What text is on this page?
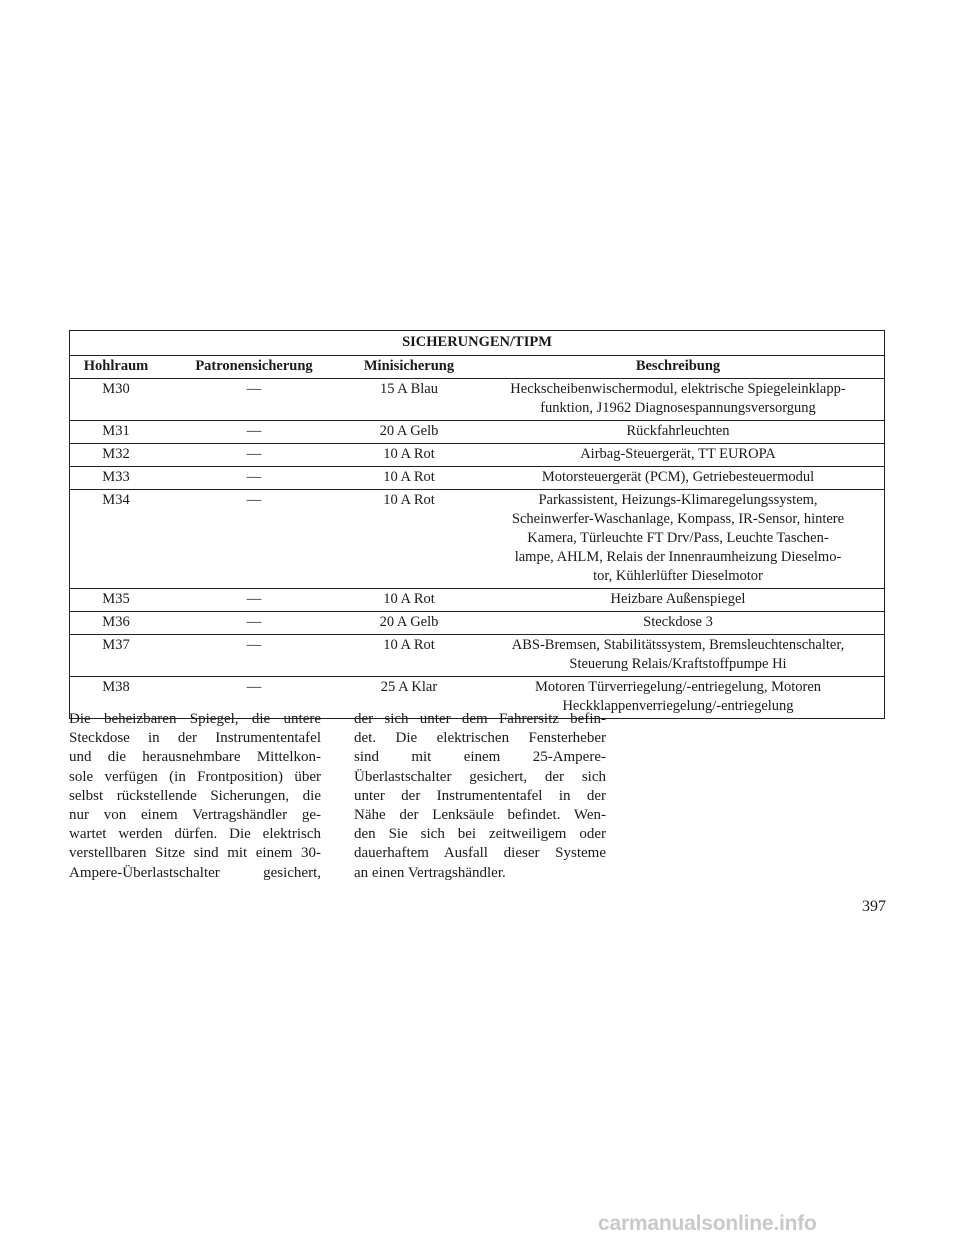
SICHERUNGEN/TIPM			
Hohlraum	Patronensicherung	Minisicherung	Beschreibung
M30	—	15 A Blau	Heckscheibenwischermodul, elektrische Spiegeleinklapp-
funktion, J1962 Diagnosespannungsversorgung

M31	—	20 A Gelb	Rückfahrleuchten

M32	—	10 A Rot	Airbag-Steuergerät, TT EUROPA

M33	—	10 A Rot	Motorsteuergerät (PCM), Getriebesteuermodul

M34	—	10 A Rot	Parkassistent, Heizungs-Klimaregelungssystem,
Scheinwerfer-Waschanlage, Kompass, IR-Sensor, hintere
Kamera, Türleuchte FT Drv/Pass, Leuchte Taschen-
lampe, AHLM, Relais der Innenraumheizung Dieselmo-
tor, Kühlerlüfter Dieselmotor

M35	—	10 A Rot	Heizbare Außenspiegel

M36	—	20 A Gelb	Steckdose 3

M37	—	10 A Rot	ABS-Bremsen, Stabilitätssystem, Bremsleuchtenschalter,
Steuerung Relais/Kraftstoffpumpe Hi

M38	—	25 A Klar	Motoren Türverriegelung/-entriegelung, Motoren
Heckklappenverriegelung/-entriegelung
Die beheizbaren Spiegel, die untere
Steckdose in der Instrumententafel
und die herausnehmbare Mittelkon-
sole verfügen (in Frontposition) über
selbst rückstellende Sicherungen, die
nur von einem Vertragshändler ge-
wartet werden dürfen. Die elektrisch
verstellbaren Sitze sind mit einem 30-
Ampere-Überlastschalter gesichert,
der sich unter dem Fahrersitz befin-
det. Die elektrischen Fensterheber
sind mit einem 25-Ampere-
Überlastschalter gesichert, der sich
unter der Instrumententafel in der
Nähe der Lenksäule befindet. Wen-
den Sie sich bei zeitweiligem oder
dauerhaftem Ausfall dieser Systeme
an einen Vertragshändler.
397
carmanualsonline.info
